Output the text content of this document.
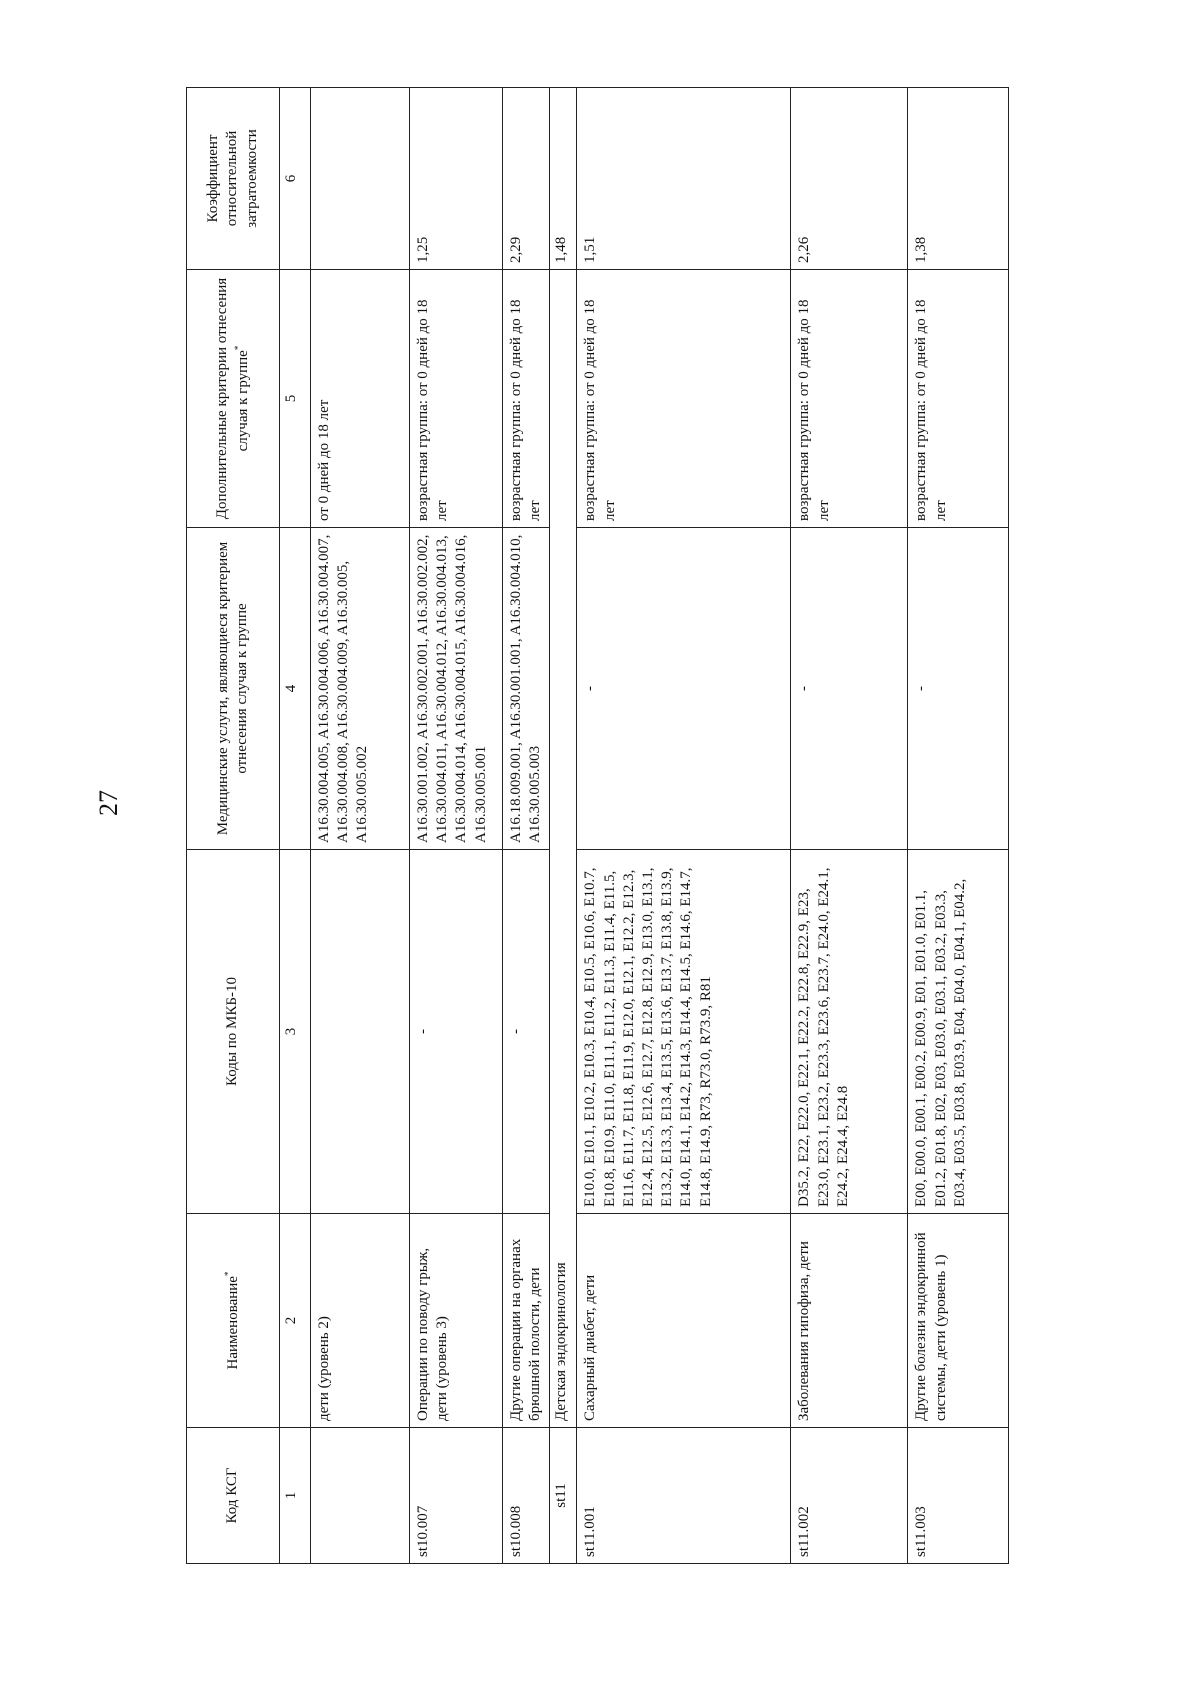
27
Код КСГ	Наименование*	Коды по МКБ-10	Медицинские услуги, являющиеся критерием отнесения случая к группе	Дополнительные критерии отнесения случая к группе*	Коэффициент относительной затратоемкости
1	2	3	4	5	6
	дети (уровень 2)		A16.30.004.005, A16.30.004.006, A16.30.004.007, A16.30.004.008, A16.30.004.009, A16.30.005, A16.30.005.002	от 0 дней до 18 лет	
st10.007	Операции по поводу грыж, дети (уровень 3)	-	A16.30.001.002, A16.30.002.001, A16.30.002.002, A16.30.004.011, A16.30.004.012, A16.30.004.013, A16.30.004.014, A16.30.004.015, A16.30.004.016, A16.30.005.001	возрастная группа: от 0 дней до 18 лет	1,25
st10.008	Другие операции на органах брюшной полости, дети	-	A16.18.009.001, A16.30.001.001, A16.30.004.010, A16.30.005.003	возрастная группа: от 0 дней до 18 лет	2,29
st11	Детская эндокринология				1,48
st11.001	Сахарный диабет, дети	E10.0, E10.1, E10.2, E10.3, E10.4, E10.5, E10.6, E10.7, E10.8, E10.9, E11.0, E11.1, E11.2, E11.3, E11.4, E11.5, E11.6, E11.7, E11.8, E11.9, E12.0, E12.1, E12.2, E12.3, E12.4, E12.5, E12.6, E12.7, E12.8, E12.9, E13.0, E13.1, E13.2, E13.3, E13.4, E13.5, E13.6, E13.7, E13.8, E13.9, E14.0, E14.1, E14.2, E14.3, E14.4, E14.5, E14.6, E14.7, E14.8, E14.9, R73, R73.0, R73.9, R81	-	возрастная группа: от 0 дней до 18 лет	1,51
st11.002	Заболевания гипофиза, дети	D35.2, E22, E22.0, E22.1, E22.2, E22.8, E22.9, E23, E23.0, E23.1, E23.2, E23.3, E23.6, E23.7, E24.0, E24.1, E24.2, E24.4, E24.8	-	возрастная группа: от 0 дней до 18 лет	2,26
st11.003	Другие болезни эндокринной системы, дети (уровень 1)	E00, E00.0, E00.1, E00.2, E00.9, E01, E01.0, E01.1, E01.2, E01.8, E02, E03, E03.0, E03.1, E03.2, E03.3, E03.4, E03.5, E03.8, E03.9, E04, E04.0, E04.1, E04.2,	-	возрастная группа: от 0 дней до 18 лет	1,38
